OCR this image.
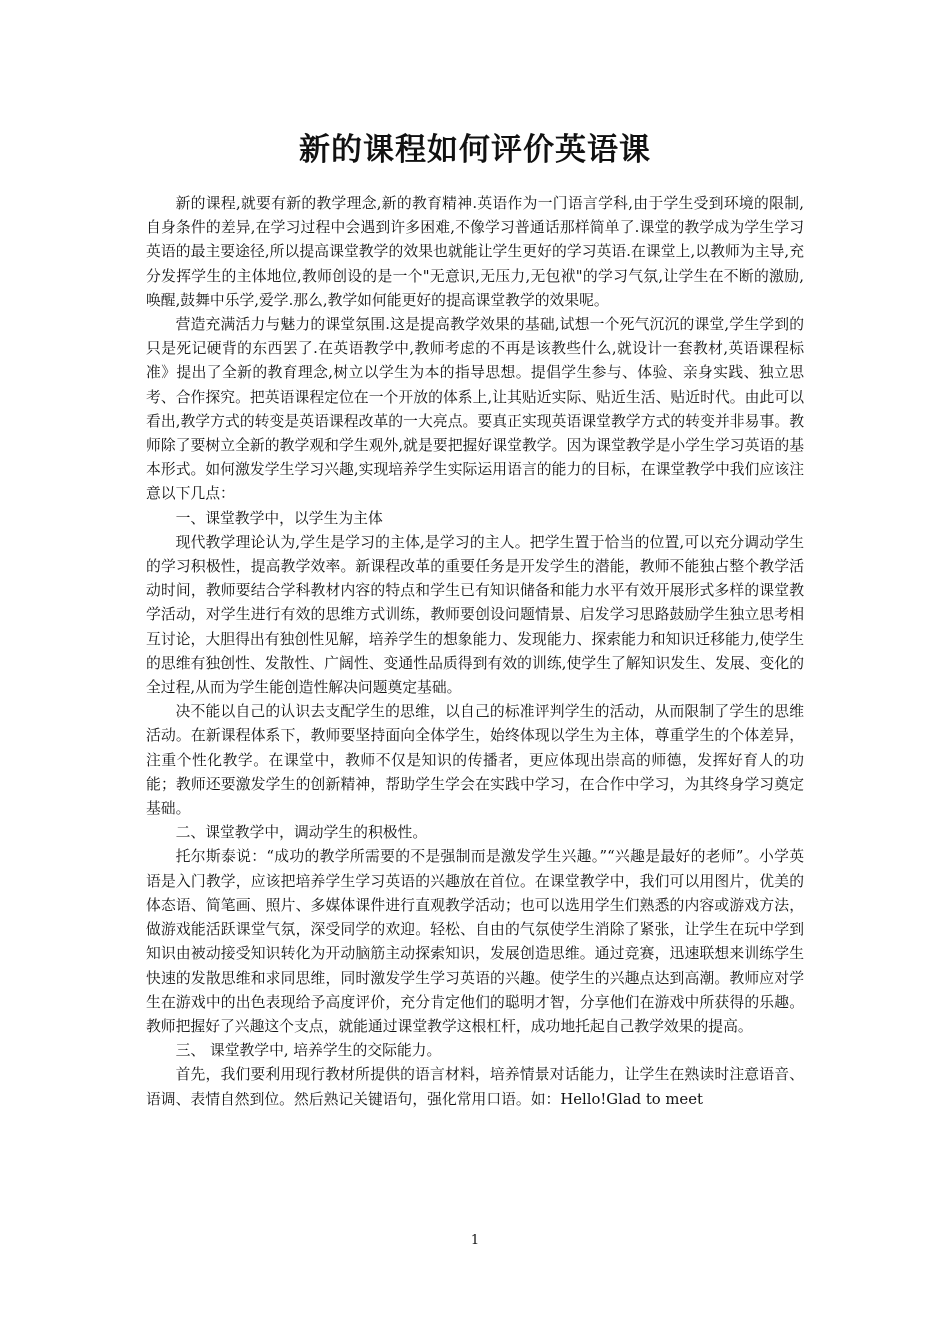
新的课程如何评价英语课

新的课程,就要有新的教学理念,新的教育精神.英语作为一门语言学科,由于学生受到环境的限制,自身条件的差异,在学习过程中会遇到许多困难,不像学习普通话那样简单了.课堂的教学成为学生学习英语的最主要途径,所以提高课堂教学的效果也就能让学生更好的学习英语.在课堂上,以教师为主导,充分发挥学生的主体地位,教师创设的是一个"无意识,无压力,无包袱"的学习气氛,让学生在不断的激励,唤醒,鼓舞中乐学,爱学.那么,教学如何能更好的提高课堂教学的效果呢。

营造充满活力与魅力的课堂氛围.这是提高教学效果的基础,试想一个死气沉沉的课堂,学生学到的只是死记硬背的东西罢了.在英语教学中,教师考虑的不再是该教些什么,就设计一套教材,英语课程标准》提出了全新的教育理念,树立以学生为本的指导思想。提倡学生参与、体验、亲身实践、独立思考、合作探究。把英语课程定位在一个开放的体系上,让其贴近实际、贴近生活、贴近时代。由此可以看出,教学方式的转变是英语课程改革的一大亮点。要真正实现英语课堂教学方式的转变并非易事。教师除了要树立全新的教学观和学生观外,就是要把握好课堂教学。因为课堂教学是小学生学习英语的基本形式。如何激发学生学习兴趣,实现培养学生实际运用语言的能力的目标，在课堂教学中我们应该注意以下几点：

一、课堂教学中，以学生为主体

现代教学理论认为,学生是学习的主体,是学习的主人。把学生置于恰当的位置,可以充分调动学生的学习积极性，提高教学效率。新课程改革的重要任务是开发学生的潜能，教师不能独占整个教学活动时间，教师要结合学科教材内容的特点和学生已有知识储备和能力水平有效开展形式多样的课堂教学活动，对学生进行有效的思维方式训练，教师要创设问题情景、启发学习思路鼓励学生独立思考相互讨论，大胆得出有独创性见解，培养学生的想象能力、发现能力、探索能力和知识迁移能力,使学生的思维有独创性、发散性、广阔性、变通性品质得到有效的训练,使学生了解知识发生、发展、变化的全过程,从而为学生能创造性解决问题奠定基础。

决不能以自己的认识去支配学生的思维，以自己的标准评判学生的活动，从而限制了学生的思维活动。在新课程体系下，教师要坚持面向全体学生，始终体现以学生为主体，尊重学生的个体差异，注重个性化教学。在课堂中，教师不仅是知识的传播者，更应体现出崇高的师德，发挥好育人的功能；教师还要激发学生的创新精神，帮助学生学会在实践中学习，在合作中学习，为其终身学习奠定基础。

二、课堂教学中，调动学生的积极性。

托尔斯泰说：“成功的教学所需要的不是强制而是激发学生兴趣。”“兴趣是最好的老师”。小学英语是入门教学，应该把培养学生学习英语的兴趣放在首位。在课堂教学中，我们可以用图片，优美的体态语、简笔画、照片、多媒体课件进行直观教学活动；也可以选用学生们熟悉的内容或游戏方法，做游戏能活跃课堂气氛，深受同学的欢迎。轻松、自由的气氛使学生消除了紧张，让学生在玩中学到知识由被动接受知识转化为开动脑筋主动探索知识，发展创造思维。通过竞赛，迅速联想来训练学生快速的发散思维和求同思维，同时激发学生学习英语的兴趣。使学生的兴趣点达到高潮。教师应对学生在游戏中的出色表现给予高度评价，充分肯定他们的聪明才智，分享他们在游戏中所获得的乐趣。教师把握好了兴趣这个支点，就能通过课堂教学这根杠杆，成功地托起自己教学效果的提高。

三、 课堂教学中, 培养学生的交际能力。

首先，我们要利用现行教材所提供的语言材料，培养情景对话能力，让学生在熟读时注意语音、语调、表情自然到位。然后熟记关键语句，强化常用口语。如：Hello!Glad to meet

1
